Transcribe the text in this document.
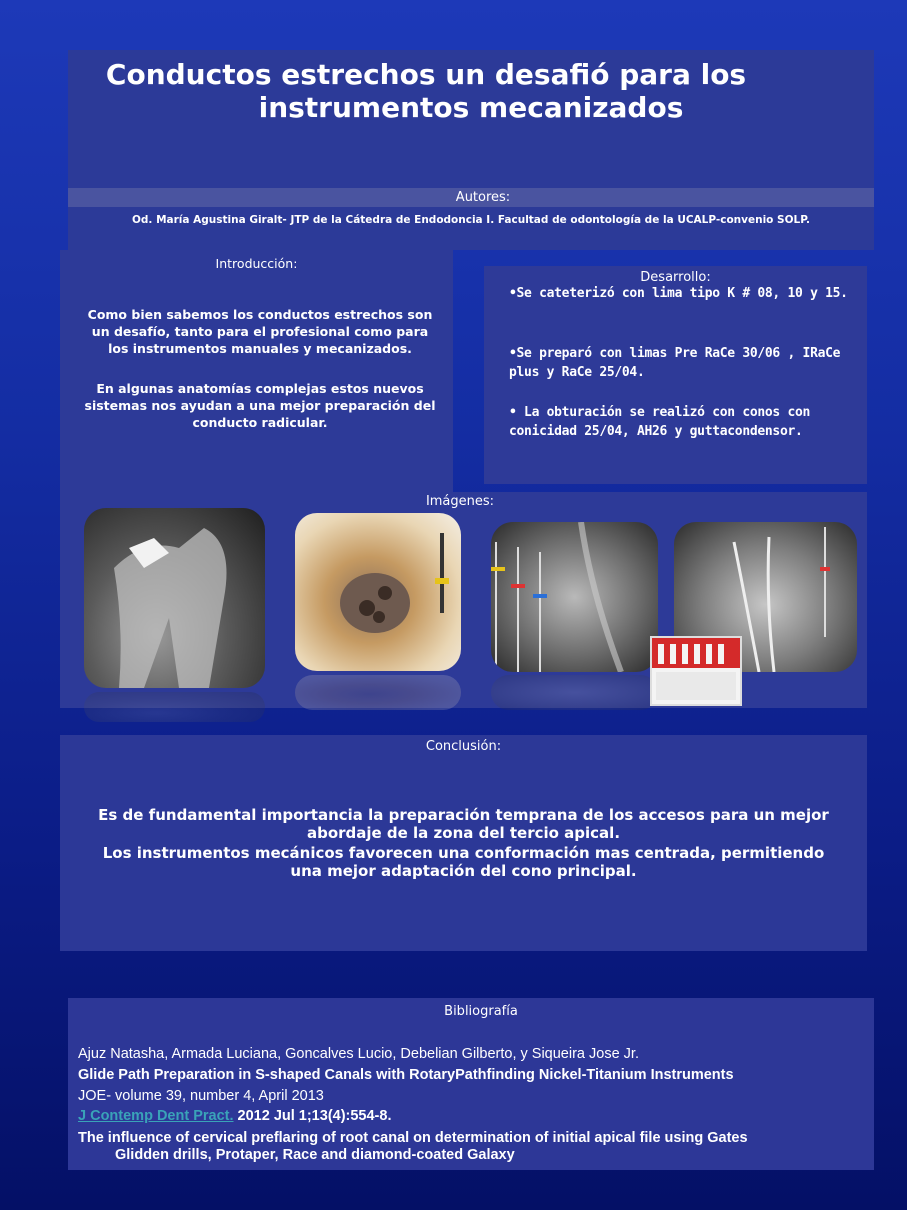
Conductos estrechos un desafió para los
instrumentos mecanizados
Autores:
Od. María Agustina Giralt- JTP de la Cátedra de Endodoncia I. Facultad de odontología de la UCALP-convenio SOLP.
Introducción:
Como bien sabemos los conductos estrechos son un desafío, tanto para el profesional como para los instrumentos manuales y mecanizados.
En algunas anatomías complejas estos nuevos sistemas nos ayudan a una mejor preparación del conducto radicular.
Desarrollo:
•Se cateterizó con lima tipo K # 08, 10 y 15.
•Se preparó con limas Pre RaCe 30/06 , IRaCe plus y RaCe 25/04.
• La obturación se realizó con conos con conicidad 25/04, AH26 y guttacondensor.
Imágenes:
Conclusión:
Es de fundamental importancia la preparación temprana de los accesos para un mejor
abordaje de la zona del tercio apical.
Los instrumentos mecánicos favorecen una conformación mas centrada, permitiendo
una mejor adaptación del cono principal.
Bibliografía
Ajuz Natasha, Armada Luciana, Goncalves Lucio, Debelian Gilberto, y Siqueira Jose Jr.
Glide Path Preparation in S-shaped Canals with RotaryPathfinding Nickel-Titanium Instruments
JOE- volume 39, number 4, April 2013
J Contemp Dent Pract. 2012 Jul 1;13(4):554-8.
The influence of cervical preflaring of root canal on determination of initial apical file using Gates
Glidden drills, Protaper, Race and diamond-coated Galaxy
